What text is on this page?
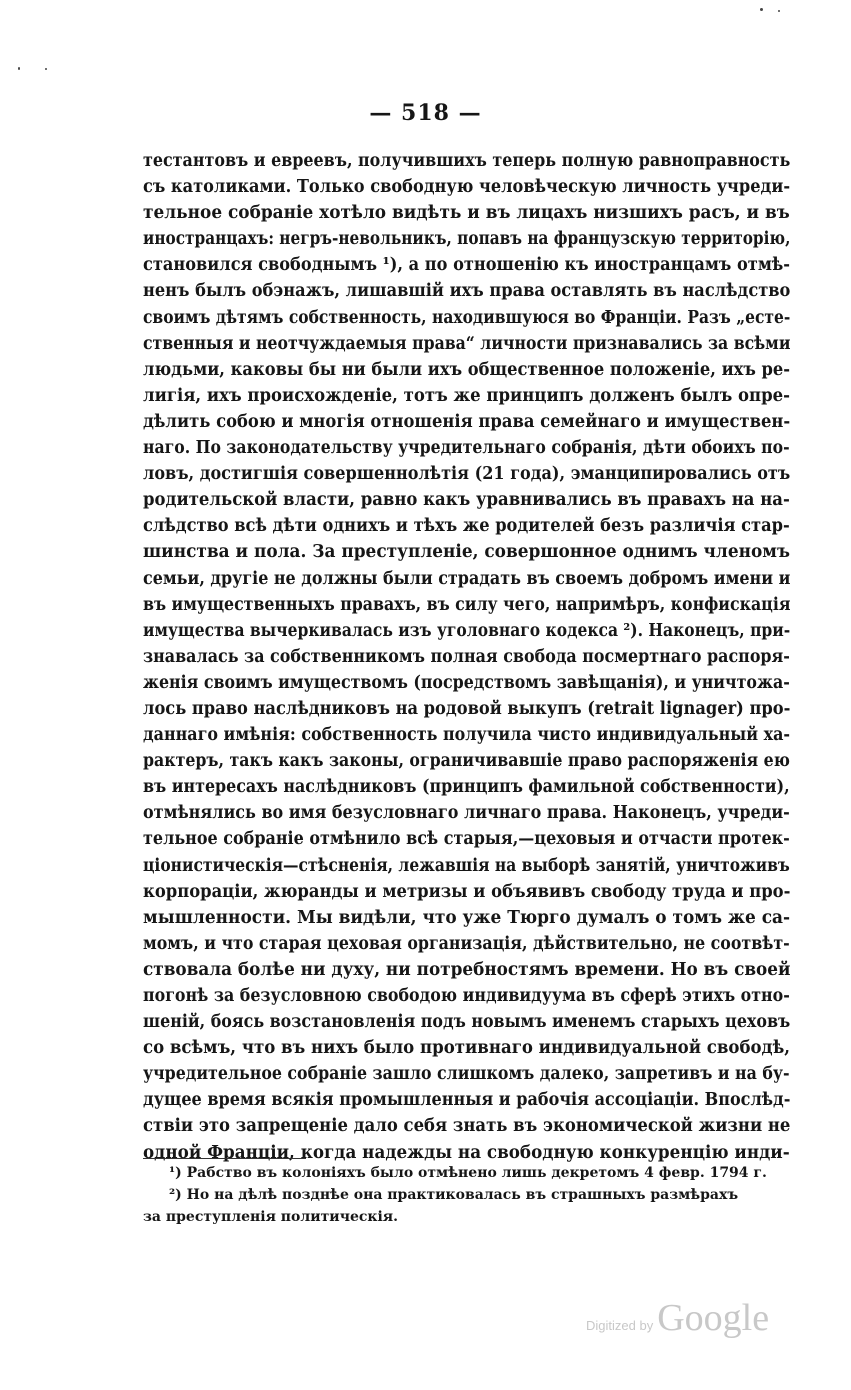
— 518 —
тестантовъ и евреевъ, получившихъ теперь полную равноправность
съ католиками. Только свободную человѣческую личность учреди-
тельное собраніе хотѣло видѣть и въ лицахъ низшихъ расъ, и въ
иностранцахъ: негръ-невольникъ, попавъ на французскую территорію,
становился свободнымъ ¹), а по отношенію къ иностранцамъ отмѣ-
ненъ былъ обэнажъ, лишавшій ихъ права оставлять въ наслѣдство
своимъ дѣтямъ собственность, находившуюся во Франціи. Разъ „есте-
ственныя и неотчуждаемыя права“ личности признавались за всѣми
людьми, каковы бы ни были ихъ общественное положеніе, ихъ ре-
лигія, ихъ происхожденіе, тотъ же принципъ долженъ былъ опре-
дѣлить собою и многія отношенія права семейнаго и имуществен-
наго. По законодательству учредительнаго собранія, дѣти обоихъ по-
ловъ, достигшія совершеннолѣтія (21 года), эманципировались отъ
родительской власти, равно какъ уравнивались въ правахъ на на-
слѣдство всѣ дѣти однихъ и тѣхъ же родителей безъ различія стар-
шинства и пола. За преступленіе, совершонное однимъ членомъ
семьи, другіе не должны были страдать въ своемъ добромъ имени и
въ имущественныхъ правахъ, въ силу чего, напримѣръ, конфискація
имущества вычеркивалась изъ уголовнаго кодекса ²). Наконецъ, при-
знавалась за собственникомъ полная свобода посмертнаго распоря-
женія своимъ имуществомъ (посредствомъ завѣщанія), и уничтожа-
лось право наслѣдниковъ на родовой выкупъ (retrait lignager) про-
даннаго имѣнія: собственность получила чисто индивидуальный ха-
рактеръ, такъ какъ законы, ограничивавшіе право распоряженія ею
въ интересахъ наслѣдниковъ (принципъ фамильной собственности),
отмѣнялись во имя безусловнаго личнаго права. Наконецъ, учреди-
тельное собраніе отмѣнило всѣ старыя,—цеховыя и отчасти протек-
ціонистическія—стѣсненія, лежавшія на выборѣ занятій, уничтоживъ
корпораціи, жюранды и метризы и объявивъ свободу труда и про-
мышленности. Мы видѣли, что уже Тюрго думалъ о томъ же са-
момъ, и что старая цеховая организація, дѣйствительно, не соотвѣт-
ствовала болѣе ни духу, ни потребностямъ времени. Но въ своей
погонѣ за безусловною свободою индивидуума въ сферѣ этихъ отно-
шеній, боясь возстановленія подъ новымъ именемъ старыхъ цеховъ
со всѣмъ, что въ нихъ было противнаго индивидуальной свободѣ,
учредительное собраніе зашло слишкомъ далеко, запретивъ и на бу-
дущее время всякія промышленныя и рабочія ассоціаціи. Впослѣд-
ствіи это запрещеніе дало себя знать въ экономической жизни не
одной Франціи, когда надежды на свободную конкуренцію инди-
¹) Рабство въ колоніяхъ было отмѣнено лишь декретомъ 4 февр. 1794 г.
²) Но на дѣлѣ позднѣе она практиковалась въ страшныхъ размѣрахъ
за преступленія политическія.
Digitized by Google
